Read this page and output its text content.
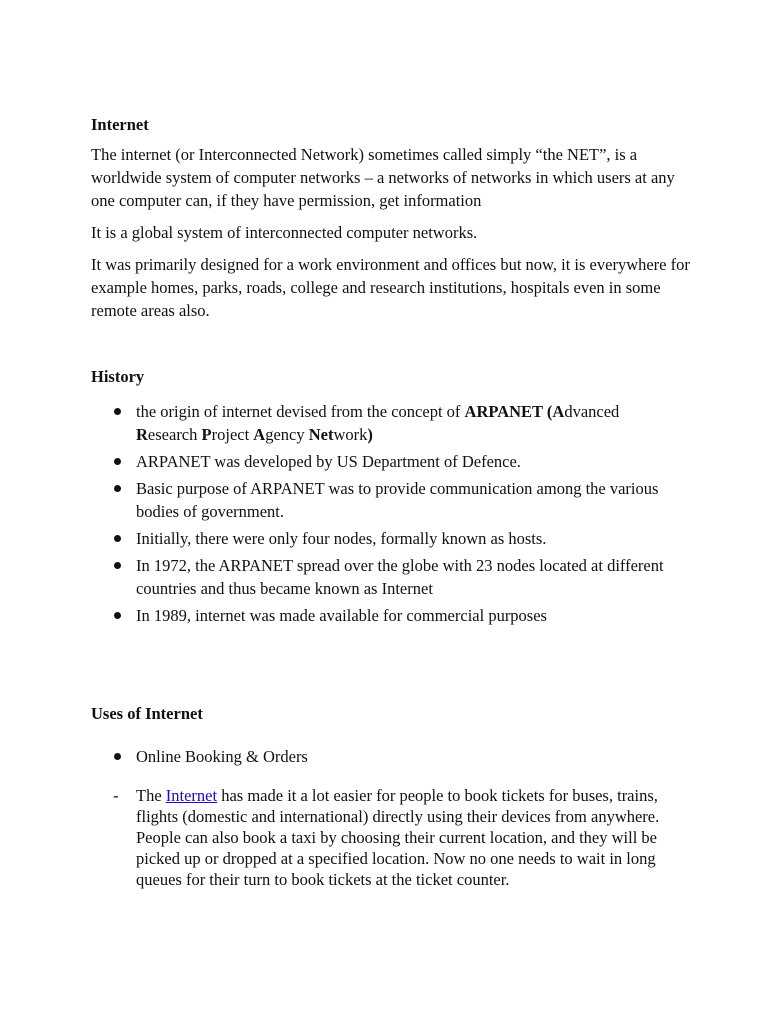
Internet
The internet (or Interconnected Network) sometimes called simply “the NET”, is a worldwide system of computer networks – a networks of networks in which users at any one computer can, if they have permission, get information
It is a global system of interconnected computer networks.
It was primarily designed for a work environment and offices but now, it is everywhere for example homes, parks, roads, college and research institutions, hospitals even in some remote areas also.
History
the origin of internet devised from the concept of ARPANET (Advanced Research Project Agency Network)
ARPANET was developed by US Department of Defence.
Basic purpose of ARPANET was to provide communication among the various bodies of government.
Initially, there were only four nodes, formally known as hosts.
In 1972, the ARPANET spread over the globe with 23 nodes located at different countries and thus became known as Internet
In 1989, internet was made available for commercial purposes
Uses of Internet
Online Booking & Orders
- The Internet has made it a lot easier for people to book tickets for buses, trains, flights (domestic and international) directly using their devices from anywhere. People can also book a taxi by choosing their current location, and they will be picked up or dropped at a specified location. Now no one needs to wait in long queues for their turn to book tickets at the ticket counter.
